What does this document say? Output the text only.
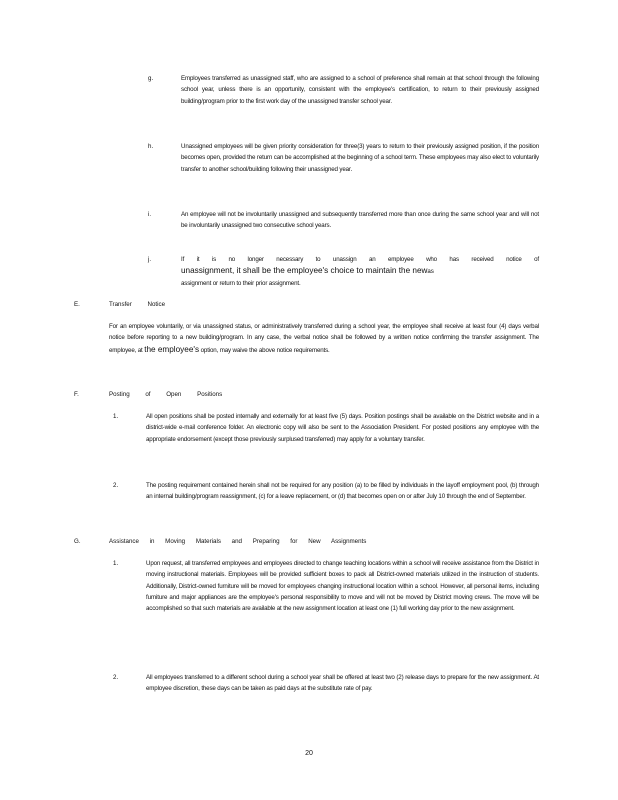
g.	Employees transferred as unassigned staff, who are assigned to a school of preference shall remain at that school through the following school year, unless there is an opportunity, consistent with the employee's certification, to return to their previously assigned building/program prior to the first work day of the unassigned transfer school year.
h.	Unassigned employees will be given priority consideration for three(3) years to return to their previously assigned position, if the position becomes open, provided the return can be accomplished at the beginning of a school term. These employees may also elect to voluntarily transfer to another school/building following their unassigned year.
i.	An employee will not be involuntarily unassigned and subsequently transferred more than once during the same school year and will not be involuntarily unassigned two consecutive school years.
j.	If it is no longer necessary to unassign an employee who has received notice of
unassignment, it shall be the employee's choice to maintain the newas
assignment or return to their prior assignment.
E.	Transfer Notice
For an employee voluntarily, or via unassigned status, or administratively transferred during a school year, the employee shall receive at least four (4) days verbal notice before reporting to a new building/program. In any case, the verbal notice shall be followed by a written notice confirming the transfer assignment. The employee, at the employee's option, may waive the above notice requirements.
F.	Posting of Open Positions
1.	All open positions shall be posted internally and externally for at least five (5) days. Position postings shall be available on the District website and in a district-wide e-mail conference folder. An electronic copy will also be sent to the Association President. For posted positions any employee with the appropriate endorsement (except those previously surplused transferred) may apply for a voluntary transfer.
2.	The posting requirement contained herein shall not be required for any position (a) to be filled by individuals in the layoff employment pool, (b) through an internal building/program reassignment, (c) for a leave replacement, or (d) that becomes open on or after July 10 through the end of September.
G.	Assistance in Moving Materials and Preparing for New Assignments
1.	Upon request, all transferred employees and employees directed to change teaching locations within a school will receive assistance from the District in moving instructional materials. Employees will be provided sufficient boxes to pack all District-owned materials utilized in the instruction of students. Additionally, District-owned furniture will be moved for employees changing instructional location within a school. However, all personal items, including furniture and major appliances are the employee's personal responsibility to move and will not be moved by District moving crews. The move will be accomplished so that such materials are available at the new assignment location at least one (1) full working day prior to the new assignment.
2.	All employees transferred to a different school during a school year shall be offered at least two (2) release days to prepare for the new assignment. At employee discretion, these days can be taken as paid days at the substitute rate of pay.
20
